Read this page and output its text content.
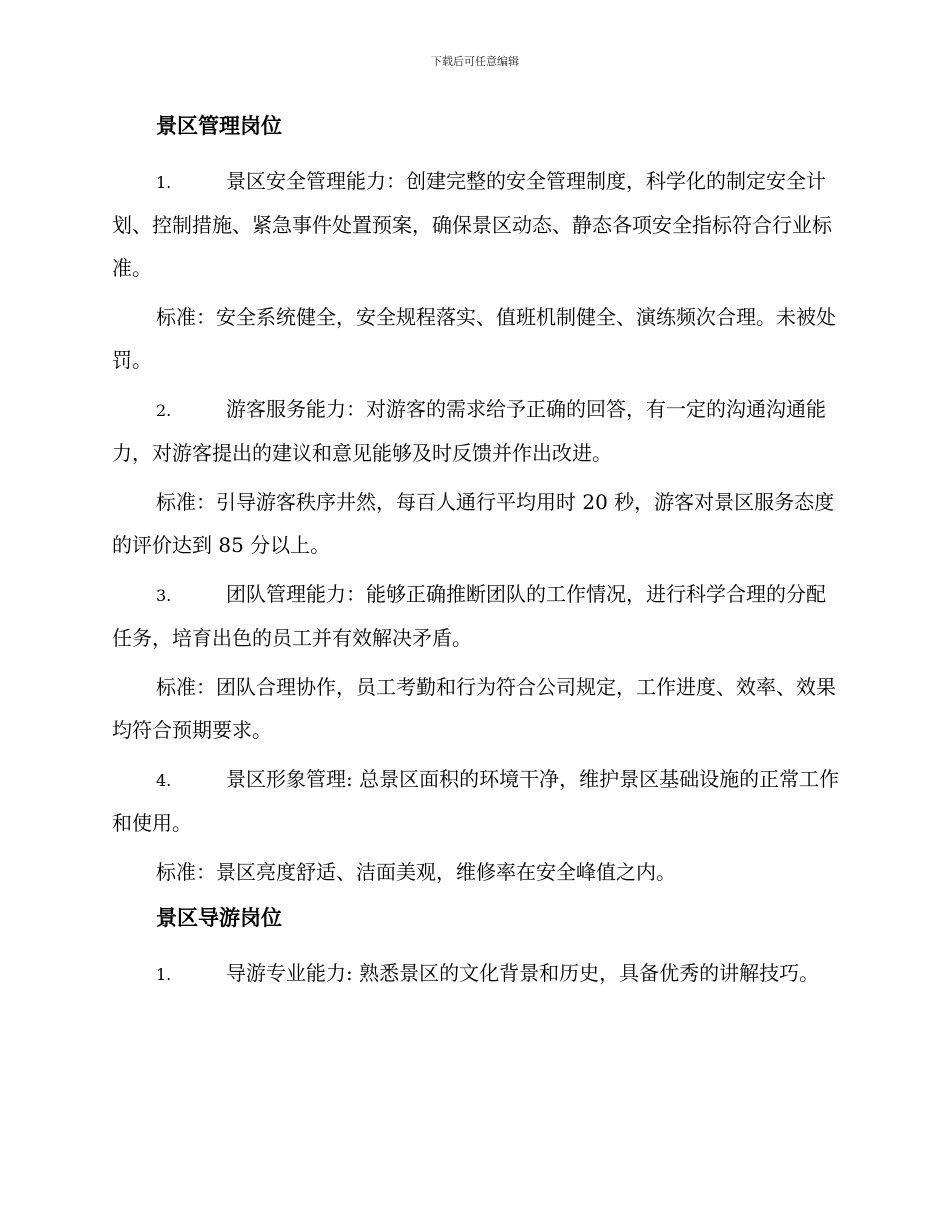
下载后可任意编辑
景区管理岗位

1.	景区安全管理能力：创建完整的安全管理制度，科学化的制定安全计划、控制措施、紧急事件处置预案，确保景区动态、静态各项安全指标符合行业标准。

标准：安全系统健全，安全规程落实、值班机制健全、演练频次合理。未被处罚。

2.	游客服务能力：对游客的需求给予正确的回答，有一定的沟通沟通能力，对游客提出的建议和意见能够及时反馈并作出改进。

标准：引导游客秩序井然，每百人通行平均用时 20 秒，游客对景区服务态度的评价达到 85 分以上。

3.	团队管理能力：能够正确推断团队的工作情况，进行科学合理的分配任务，培育出色的员工并有效解决矛盾。

标准：团队合理协作，员工考勤和行为符合公司规定，工作进度、效率、效果均符合预期要求。

4.	景区形象管理: 总景区面积的环境干净，维护景区基础设施的正常工作和使用。

标准：景区亮度舒适、洁面美观，维修率在安全峰值之内。

景区导游岗位

1.	导游专业能力: 熟悉景区的文化背景和历史，具备优秀的讲解技巧。
